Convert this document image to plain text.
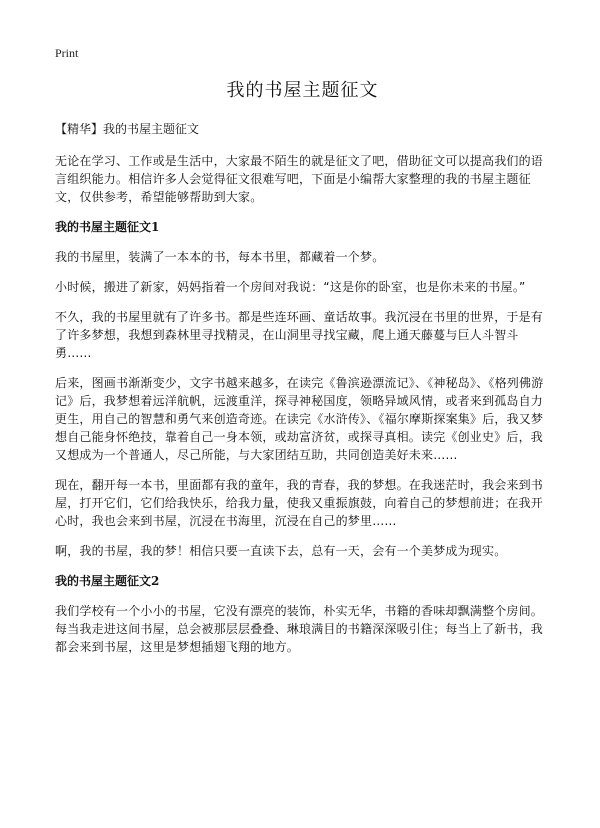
Print
我的书屋主题征文
【精华】我的书屋主题征文

无论在学习、工作或是生活中，大家最不陌生的就是征文了吧，借助征文可以提高我们的语言组织能力。相信许多人会觉得征文很难写吧，下面是小编帮大家整理的我的书屋主题征文，仅供参考，希望能够帮助到大家。

我的书屋主题征文1

我的书屋里，装满了一本本的书，每本书里，都藏着一个梦。

小时候，搬进了新家，妈妈指着一个房间对我说：“这是你的卧室，也是你未来的书屋。”

不久，我的书屋里就有了许多书。都是些连环画、童话故事。我沉浸在书里的世界，于是有了许多梦想，我想到森林里寻找精灵，在山洞里寻找宝藏，爬上通天藤蔓与巨人斗智斗勇……

后来，图画书渐渐变少，文字书越来越多，在读完《鲁滨逊漂流记》、《神秘岛》、《格列佛游记》后，我梦想着远洋航帆，远渡重洋，探寻神秘国度，领略异域风情，或者来到孤岛自力更生，用自己的智慧和勇气来创造奇迹。在读完《水浒传》、《福尔摩斯探案集》后，我又梦想自己能身怀绝技，靠着自己一身本领，或劫富济贫，或探寻真相。读完《创业史》后，我又想成为一个普通人，尽己所能，与大家团结互助，共同创造美好未来……

现在，翻开每一本书，里面都有我的童年，我的青春，我的梦想。在我迷茫时，我会来到书屋，打开它们，它们给我快乐，给我力量，使我又重振旗鼓，向着自己的梦想前进；在我开心时，我也会来到书屋，沉浸在书海里，沉浸在自己的梦里……

啊，我的书屋，我的梦！相信只要一直读下去，总有一天，会有一个美梦成为现实。

我的书屋主题征文2

我们学校有一个小小的书屋，它没有漂亮的装饰，朴实无华，书籍的香味却飘满整个房间。每当我走进这间书屋，总会被那层层叠叠、琳琅满目的书籍深深吸引住；每当上了新书，我都会来到书屋，这里是梦想插翅飞翔的地方。
